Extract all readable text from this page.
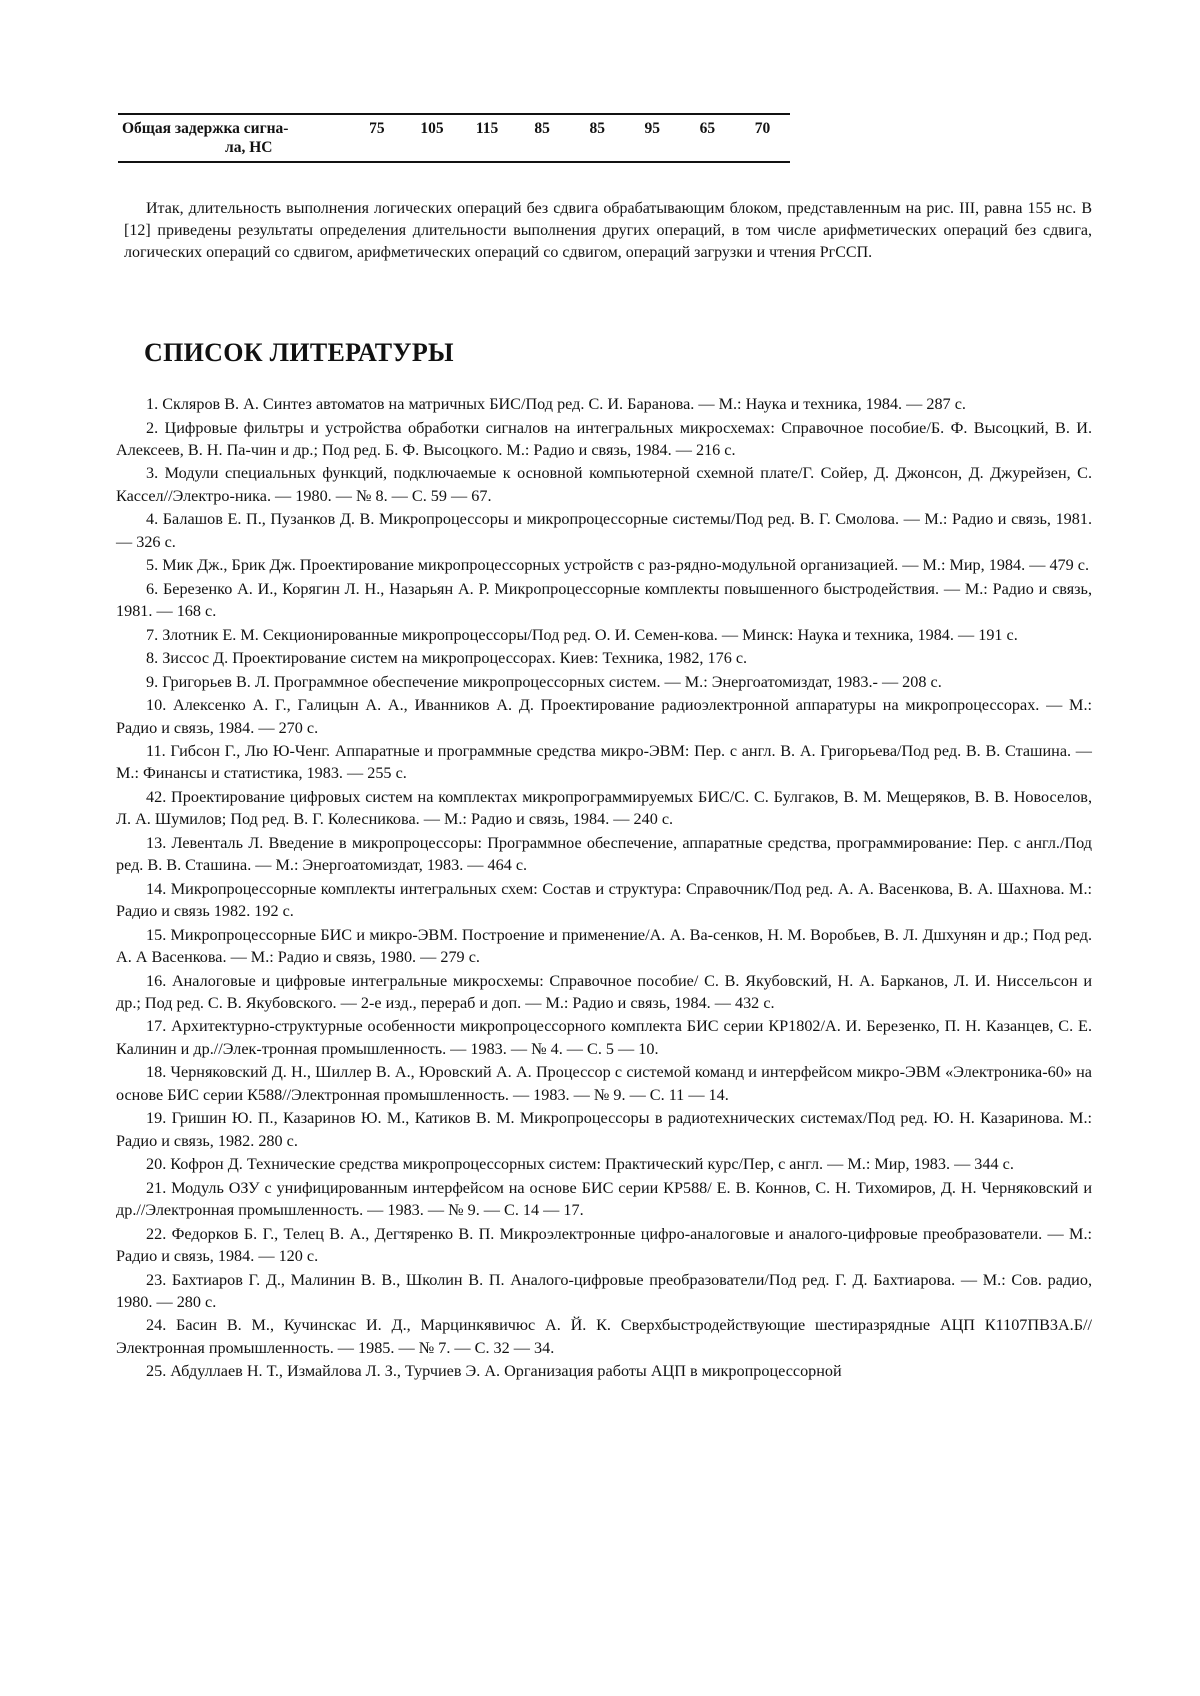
Общая задержка сигна-
ла, НС
	75	105	115	85	85	95	65	70

Итак, длительность выполнения логических операций без сдвига обрабатывающим блоком, представленным на рис. III, равна 155 нс. В [12] приведены результаты определения длительности выполнения других операций, в том числе арифметических операций без сдвига, логических операций со сдвигом, арифметических операций со сдвигом, операций загрузки и чтения РгССП.

СПИСОК ЛИТЕРАТУРЫ
1. Скляров В. А. Синтез автоматов на матричных БИС/Под ред. С. И. Баранова. — М.: Наука и техника, 1984. — 287 с.
2. Цифровые фильтры и устройства обработки сигналов на интегральных микросхемах: Справочное пособие/Б. Ф. Высоцкий, В. И. Алексеев, В. Н. Па-чин и др.; Под ред. Б. Ф. Высоцкого. М.: Радио и связь, 1984. — 216 с.
3. Модули специальных функций, подключаемые к основной компьютерной схемной плате/Г. Сойер, Д. Джонсон, Д. Джурейзен, С. Кассел//Электро-ника. — 1980. — № 8. — С. 59 — 67.
4. Балашов Е. П., Пузанков Д. В. Микропроцессоры и микропроцессорные системы/Под ред. В. Г. Смолова. — М.: Радио и связь, 1981. — 326 с.
5. Мик Дж., Брик Дж. Проектирование микропроцессорных устройств с раз-рядно-модульной организацией. — М.: Мир, 1984. — 479 с.
6. Березенко А. И., Корягин Л. Н., Назарьян А. Р. Микропроцессорные комплекты повышенного быстродействия. — М.: Радио и связь, 1981. — 168 с.
7. Злотник Е. М. Секционированные микропроцессоры/Под ред. О. И. Семен-кова. — Минск: Наука и техника, 1984. — 191 с.
8. Зиссос Д. Проектирование систем на микропроцессорах. Киев: Техника, 1982, 176 с.
9. Григорьев В. Л. Программное обеспечение микропроцессорных систем. — М.: Энергоатомиздат, 1983.- — 208 с.
10. Алексенко А. Г., Галицын А. А., Иванников А. Д. Проектирование радиоэлектронной аппаратуры на микропроцессорах. — М.: Радио и связь, 1984. — 270 с.
11. Гибсон Г., Лю Ю-Ченг. Аппаратные и программные средства микро-ЭВМ: Пер. с англ. В. А. Григорьева/Под ред. В. В. Сташина. — М.: Финансы и статистика, 1983. — 255 с.
42. Проектирование цифровых систем на комплектах микропрограммируемых БИС/С. С. Булгаков, В. М. Мещеряков, В. В. Новоселов, Л. А. Шумилов; Под ред. В. Г. Колесникова. — М.: Радио и связь, 1984. — 240 с.
13. Левенталь Л. Введение в микропроцессоры: Программное обеспечение, аппаратные средства, программирование: Пер. с англ./Под ред. В. В. Сташина. — М.: Энергоатомиздат, 1983. — 464 с.
14. Микропроцессорные комплекты интегральных схем: Состав и структура: Справочник/Под ред. А. А. Васенкова, В. А. Шахнова. М.: Радио и связь 1982. 192 с.
15. Микропроцессорные БИС и микро-ЭВМ. Построение и применение/А. А. Ва-сенков, Н. М. Воробьев, В. Л. Дшхунян и др.; Под ред. А. А Васенкова. — М.: Радио и связь, 1980. — 279 с.
16. Аналоговые и цифровые интегральные микросхемы: Справочное пособие/ С. В. Якубовский, Н. А. Барканов, Л. И. Ниссельсон и др.; Под ред. С. В. Якубовского. — 2-е изд., перераб и доп. — М.: Радио и связь, 1984. — 432 с.
17. Архитектурно-структурные особенности микропроцессорного комплекта БИС серии КР1802/А. И. Березенко, П. Н. Казанцев, С. Е. Калинин и др.//Элек-тронная промышленность. — 1983. — № 4. — С. 5 — 10.
18. Черняковский Д. Н., Шиллер В. А., Юровский А. А. Процессор с системой команд и интерфейсом микро-ЭВМ «Электроника-60» на основе БИС серии К588//Электронная промышленность. — 1983. — № 9. — С. 11 — 14.
19. Гришин Ю. П., Казаринов Ю. М., Катиков В. М. Микропроцессоры в радиотехнических системах/Под ред. Ю. Н. Казаринова. М.: Радио и связь, 1982. 280 с.
20. Кофрон Д. Технические средства микропроцессорных систем: Практический курс/Пер, с англ. — М.: Мир, 1983. — 344 с.
21. Модуль ОЗУ с унифицированным интерфейсом на основе БИС серии КР588/ Е. В. Коннов, С. Н. Тихомиров, Д. Н. Черняковский и др.//Электронная промышленность. — 1983. — № 9. — С. 14 — 17.
22. Федорков Б. Г., Телец В. А., Дегтяренко В. П. Микроэлектронные цифро-аналоговые и аналого-цифровые преобразователи. — М.: Радио и связь, 1984. — 120 с.
23. Бахтиаров Г. Д., Малинин В. В., Школин В. П. Аналого-цифровые преобразователи/Под ред. Г. Д. Бахтиарова. — М.: Сов. радио, 1980. — 280 с.
24. Басин В. М., Кучинскас И. Д., Марцинкявичюс А. Й. К. Сверхбыстродействующие шестиразрядные АЦП К1107ПВ3А.Б//Электронная промышленность. — 1985. — № 7. — С. 32 — 34.
25. Абдуллаев Н. Т., Измайлова Л. З., Турчиев Э. А. Организация работы АЦП в микропроцессорной
